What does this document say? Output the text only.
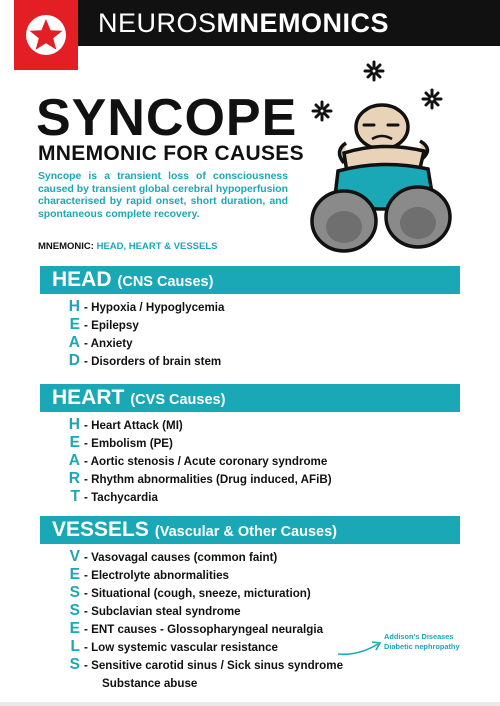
NEUROSMNEMONICS
SYNCOPE
MNEMONIC FOR CAUSES
Syncope is a transient loss of consciousness caused by transient global cerebral hypoperfusion characterised by rapid onset, short duration, and spontaneous complete recovery.
MNEMONIC: HEAD, HEART & VESSELS
HEAD (CNS Causes)
H - Hypoxia / Hypoglycemia
E - Epilepsy
A - Anxiety
D - Disorders of brain stem
HEART (CVS Causes)
H - Heart Attack (MI)
E - Embolism (PE)
A - Aortic stenosis / Acute coronary syndrome
R - Rhythm abnormalities (Drug induced, AFiB)
T - Tachycardia
VESSELS (Vascular & Other Causes)
V - Vasovagal causes (common faint)
E - Electrolyte abnormalities
S - Situational (cough, sneeze, micturation)
S - Subclavian steal syndrome
E - ENT causes - Glossopharyngeal neuralgia
L - Low systemic vascular resistance
S - Sensitive carotid sinus / Sick sinus syndrome
Substance abuse
Addison's Diseases
Diabetic nephropathy
